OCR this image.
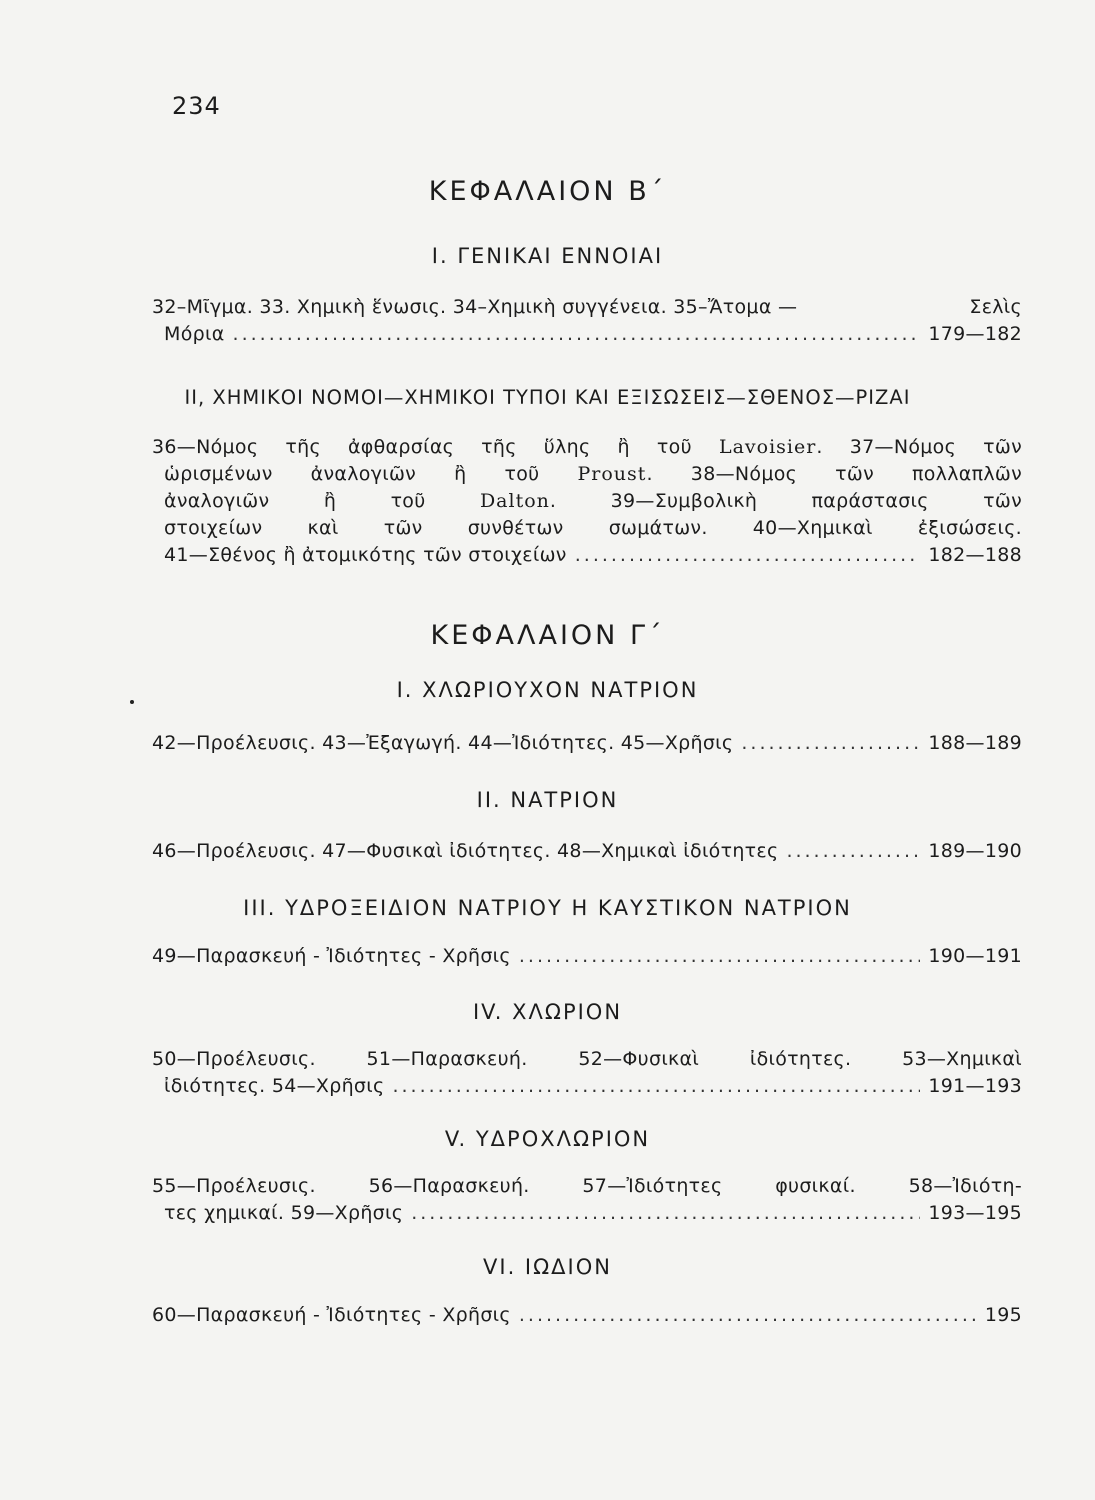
234
ΚΕΦΑΛΑΙΟΝ Β΄
Ι. ΓΕΝΙΚΑΙ ΕΝΝΟΙΑΙ
32–Μῖγμα. 33. Χημικὴ ἕνωσις. 34–Χημικὴ συγγένεια. 35–Ἄτομα —	Σελὶς
Μόρια .....	179—182
ΙΙ, ΧΗΜΙΚΟΙ ΝΟΜΟΙ—ΧΗΜΙΚΟΙ ΤΥΠΟΙ ΚΑΙ ΕΞΙΣΩΣΕΙΣ—ΣΘΕΝΟΣ—ΡΙΖΑΙ
36—Νόμος τῆς ἀφθαρσίας τῆς ὕλης ἢ τοῦ Lavoisier. 37—Νόμος τῶν
ὡρισμένων ἀναλογιῶν ἢ τοῦ Proust. 38—Νόμος τῶν πολλαπλῶν
ἀναλογιῶν ἢ τοῦ Dalton. 39—Συμβολικὴ παράστασις τῶν
στοιχείων καὶ τῶν συνθέτων σωμάτων. 40—Χημικαὶ ἐξισώσεις.
41—Σθένος ἢ ἀτομικότης τῶν στοιχείων .....	182—188
ΚΕΦΑΛΑΙΟΝ Γ΄
Ι. ΧΛΩΡΙΟΥΧΟΝ ΝΑΤΡΙΟΝ
42—Προέλευσις. 43—Ἐξαγωγή. 44—Ἰδιότητες. 45—Χρῆσις .....	188—189
ΙΙ. ΝΑΤΡΙΟΝ
46—Προέλευσις. 47—Φυσικαὶ ἰδιότητες. 48—Χημικαὶ ἰδιότητες .....	189—190
ΙΙΙ. ΥΔΡΟΞΕΙΔΙΟΝ ΝΑΤΡΙΟΥ Η ΚΑΥΣΤΙΚΟΝ ΝΑΤΡΙΟΝ
49—Παρασκευή - Ἰδιότητες - Χρῆσις .....	190—191
IV. ΧΛΩΡΙΟΝ
50—Προέλευσις. 51—Παρασκευή. 52—Φυσικαὶ ἰδιότητες. 53—Χημικαὶ
ἰδιότητες. 54—Χρῆσις .....	191—193
V. ΥΔΡΟΧΛΩΡΙΟΝ
55—Προέλευσις. 56—Παρασκευή. 57—Ἰδιότητες φυσικαί. 58—Ἰδιότη-
τες χημικαί. 59—Χρῆσις .....	193—195
VI. ΙΩΔΙΟΝ
60—Παρασκευή - Ἰδιότητες - Χρῆσις .....	195
